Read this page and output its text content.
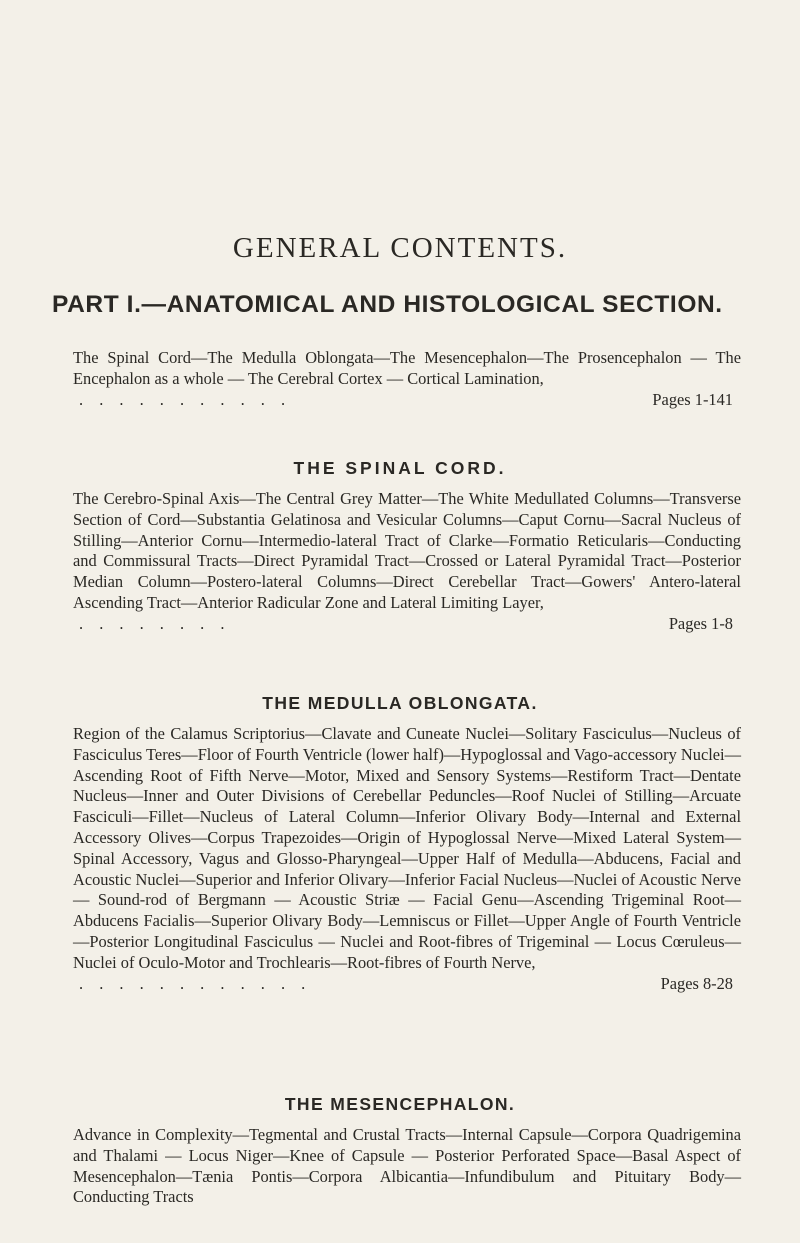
GENERAL CONTENTS.
PART I.—ANATOMICAL AND HISTOLOGICAL SECTION.
The Spinal Cord—The Medulla Oblongata—The Mesencephalon—The Prosencephalon — The Encephalon as a whole — The Cerebral Cortex — Cortical Lamination,
. . . . . . . . . . .	Pages 1-141
THE SPINAL CORD.
The Cerebro-Spinal Axis—The Central Grey Matter—The White Medullated Columns—Transverse Section of Cord—Substantia Gelatinosa and Vesicular Columns—Caput Cornu—Sacral Nucleus of Stilling—Anterior Cornu—Intermedio-lateral Tract of Clarke—Formatio Reticularis—Conducting and Commissural Tracts—Direct Pyramidal Tract—Crossed or Lateral Pyramidal Tract—Posterior Median Column—Postero-lateral Columns—Direct Cerebellar Tract—Gowers' Antero-lateral Ascending Tract—Anterior Radicular Zone and Lateral Limiting Layer,
. . . . . . . .	Pages 1-8
THE MEDULLA OBLONGATA.
Region of the Calamus Scriptorius—Clavate and Cuneate Nuclei—Solitary Fasciculus—Nucleus of Fasciculus Teres—Floor of Fourth Ventricle (lower half)—Hypoglossal and Vago-accessory Nuclei—Ascending Root of Fifth Nerve—Motor, Mixed and Sensory Systems—Restiform Tract—Dentate Nucleus—Inner and Outer Divisions of Cerebellar Peduncles—Roof Nuclei of Stilling—Arcuate Fasciculi—Fillet—Nucleus of Lateral Column—Inferior Olivary Body—Internal and External Accessory Olives—Corpus Trapezoides—Origin of Hypoglossal Nerve—Mixed Lateral System—Spinal Accessory, Vagus and Glosso-Pharyngeal—Upper Half of Medulla—Abducens, Facial and Acoustic Nuclei—Superior and Inferior Olivary—Inferior Facial Nucleus—Nuclei of Acoustic Nerve — Sound-rod of Bergmann — Acoustic Striæ — Facial Genu—Ascending Trigeminal Root—Abducens Facialis—Superior Olivary Body—Lemniscus or Fillet—Upper Angle of Fourth Ventricle—Posterior Longitudinal Fasciculus — Nuclei and Root-fibres of Trigeminal — Locus Cœruleus—Nuclei of Oculo-Motor and Trochlearis—Root-fibres of Fourth Nerve,
. . . . . . . . . . . .	Pages 8-28
THE MESENCEPHALON.
Advance in Complexity—Tegmental and Crustal Tracts—Internal Capsule—Corpora Quadrigemina and Thalami — Locus Niger—Knee of Capsule — Posterior Perforated Space—Basal Aspect of Mesencephalon—Tænia Pontis—Corpora Albicantia—Infundibulum and Pituitary Body—Conducting Tracts
